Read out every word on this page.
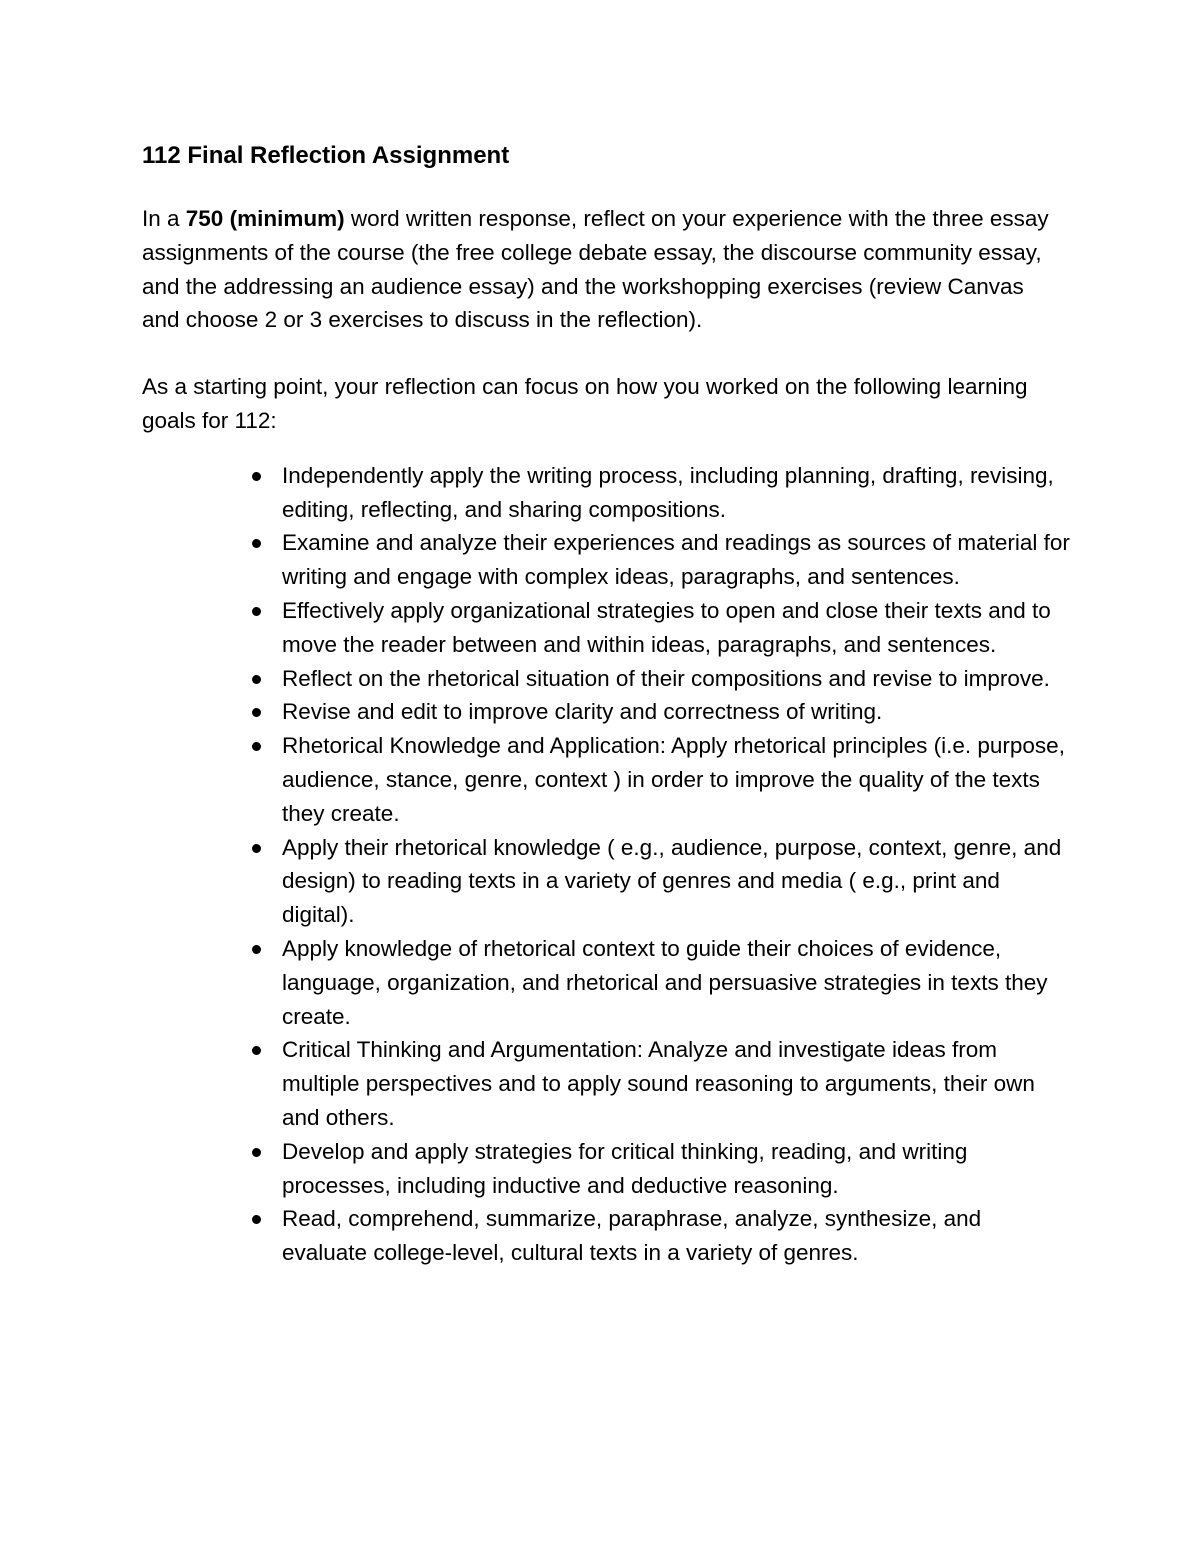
112 Final Reflection Assignment

In a 750 (minimum) word written response, reflect on your experience with the three essay assignments of the course (the free college debate essay, the discourse community essay, and the addressing an audience essay) and the workshopping exercises (review Canvas and choose 2 or 3 exercises to discuss in the reflection).

As a starting point, your reflection can focus on how you worked on the following learning goals for 112:

Independently apply the writing process, including planning, drafting, revising, editing, reflecting, and sharing compositions.
Examine and analyze their experiences and readings as sources of material for writing and engage with complex ideas, paragraphs, and sentences.
Effectively apply organizational strategies to open and close their texts and to move the reader between and within ideas, paragraphs, and sentences.
Reflect on the rhetorical situation of their compositions and revise to improve.
Revise and edit to improve clarity and correctness of writing.
Rhetorical Knowledge and Application: Apply rhetorical principles (i.e. purpose, audience, stance, genre, context ) in order to improve the quality of the texts they create.
Apply their rhetorical knowledge ( e.g., audience, purpose, context, genre, and design) to reading texts in a variety of genres and media ( e.g., print and digital).
Apply knowledge of rhetorical context to guide their choices of evidence, language, organization, and rhetorical and persuasive strategies in texts they create.
Critical Thinking and Argumentation: Analyze and investigate ideas from multiple perspectives and to apply sound reasoning to arguments, their own and others.
Develop and apply strategies for critical thinking, reading, and writing processes, including inductive and deductive reasoning.
Read, comprehend, summarize, paraphrase, analyze, synthesize, and evaluate college-level, cultural texts in a variety of genres.
